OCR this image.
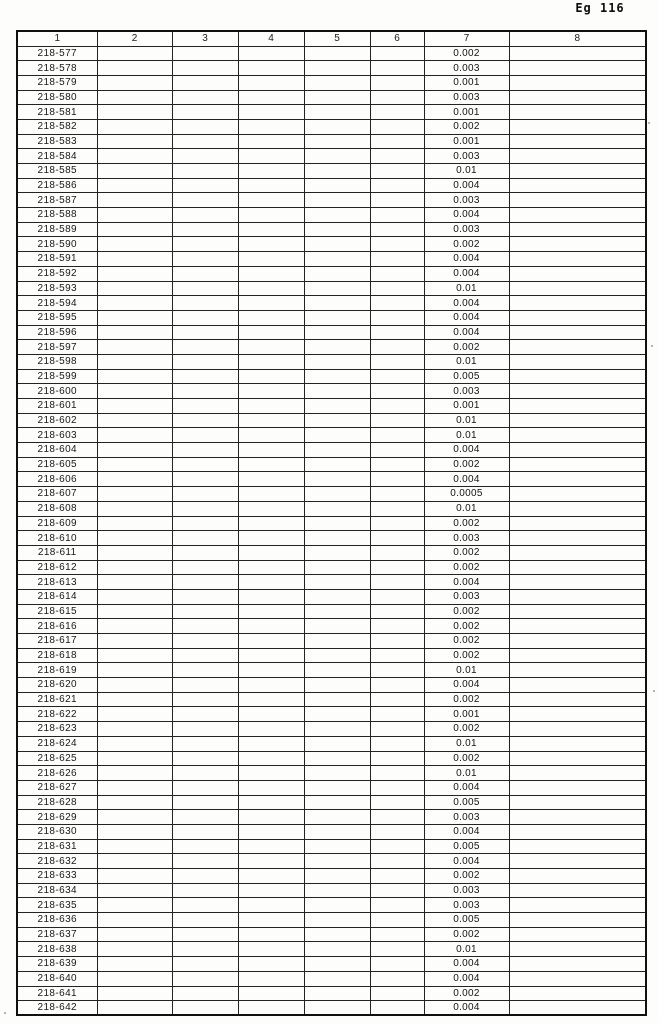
Eg 116
1	2	3	4	5	6	7	8
218-577						0.002	
218-578						0.003	
218-579						0.001	
218-580						0.003	
218-581						0.001	
218-582						0.002	
218-583						0.001	
218-584						0.003	
218-585						0.01	
218-586						0.004	
218-587						0.003	
218-588						0.004	
218-589						0.003	
218-590						0.002	
218-591						0.004	
218-592						0.004	
218-593						0.01	
218-594						0.004	
218-595						0.004	
218-596						0.004	
218-597						0.002	
218-598						0.01	
218-599						0.005	
218-600						0.003	
218-601						0.001	
218-602						0.01	
218-603						0.01	
218-604						0.004	
218-605						0.002	
218-606						0.004	
218-607						0.0005	
218-608						0.01	
218-609						0.002	
218-610						0.003	
218-611						0.002	
218-612						0.002	
218-613						0.004	
218-614						0.003	
218-615						0.002	
218-616						0.002	
218-617						0.002	
218-618						0.002	
218-619						0.01	
218-620						0.004	
218-621						0.002	
218-622						0.001	
218-623						0.002	
218-624						0.01	
218-625						0.002	
218-626						0.01	
218-627						0.004	
218-628						0.005	
218-629						0.003	
218-630						0.004	
218-631						0.005	
218-632						0.004	
218-633						0.002	
218-634						0.003	
218-635						0.003	
218-636						0.005	
218-637						0.002	
218-638						0.01	
218-639						0.004	
218-640						0.004	
218-641						0.002	
218-642						0.004	
